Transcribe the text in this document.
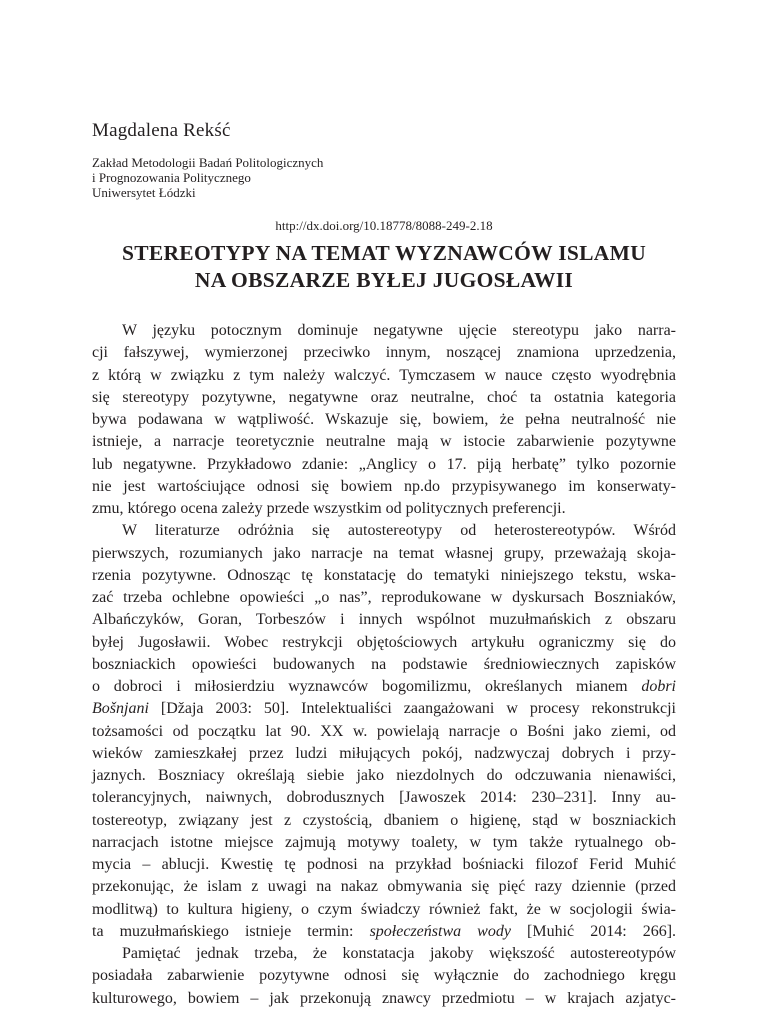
Magdalena Rekść
Zakład Metodologii Badań Politologicznych
i Prognozowania Politycznego
Uniwersytet Łódzki
http://dx.doi.org/10.18778/8088-249-2.18
STEREOTYPY NA TEMAT WYZNAWCÓW ISLAMU
NA OBSZARZE BYŁEJ JUGOSŁAWII
W języku potocznym dominuje negatywne ujęcie stereotypu jako narra-
cji fałszywej, wymierzonej przeciwko innym, noszącej znamiona uprzedzenia,
z którą w związku z tym należy walczyć. Tymczasem w nauce często wyodrębnia
się stereotypy pozytywne, negatywne oraz neutralne, choć ta ostatnia kategoria
bywa podawana w wątpliwość. Wskazuje się, bowiem, że pełna neutralność nie
istnieje, a narracje teoretycznie neutralne mają w istocie zabarwienie pozytywne
lub negatywne. Przykładowo zdanie: „Anglicy o 17. piją herbatę” tylko pozornie
nie jest wartościujące odnosi się bowiem np.do przypisywanego im konserwaty-
zmu, którego ocena zależy przede wszystkim od politycznych preferencji.
W literaturze odróżnia się autostereotypy od heterostereotypów. Wśród
pierwszych, rozumianych jako narracje na temat własnej grupy, przeważają skoja-
rzenia pozytywne. Odnosząc tę konstatację do tematyki niniejszego tekstu, wska-
zać trzeba ochlebne opowieści „o nas”, reprodukowane w dyskursach Boszniaków,
Albańczyków, Goran, Torbeszów i innych wspólnot muzułmańskich z obszaru
byłej Jugosławii. Wobec restrykcji objętościowych artykułu ograniczmy się do
boszniackich opowieści budowanych na podstawie średniowiecznych zapisków
o dobroci i miłosierdziu wyznawców bogomilizmu, określanych mianem dobri
Bošnjani [Džaja 2003: 50]. Intelektualiści zaangażowani w procesy rekonstrukcji
tożsamości od początku lat 90. XX w. powielają narracje o Bośni jako ziemi, od
wieków zamieszkałej przez ludzi miłujących pokój, nadzwyczaj dobrych i przy-
jaznych. Boszniacy określają siebie jako niezdolnych do odczuwania nienawiści,
tolerancyjnych, naiwnych, dobrodusznych [Jawoszek 2014: 230–231]. Inny au-
tostereotyp, związany jest z czystością, dbaniem o higienę, stąd w boszniackich
narracjach istotne miejsce zajmują motywy toalety, w tym także rytualnego ob-
mycia – ablucji. Kwestię tę podnosi na przykład bośniacki filozof Ferid Muhić
przekonując, że islam z uwagi na nakaz obmywania się pięć razy dziennie (przed
modlitwą) to kultura higieny, o czym świadczy również fakt, że w socjologii świa-
ta muzułmańskiego istnieje termin: społeczeństwa wody [Muhić 2014: 266].
Pamiętać jednak trzeba, że konstatacja jakoby większość autostereotypów
posiadała zabarwienie pozytywne odnosi się wyłącznie do zachodniego kręgu
kulturowego, bowiem – jak przekonują znawcy przedmiotu – w krajach azjatyc-
